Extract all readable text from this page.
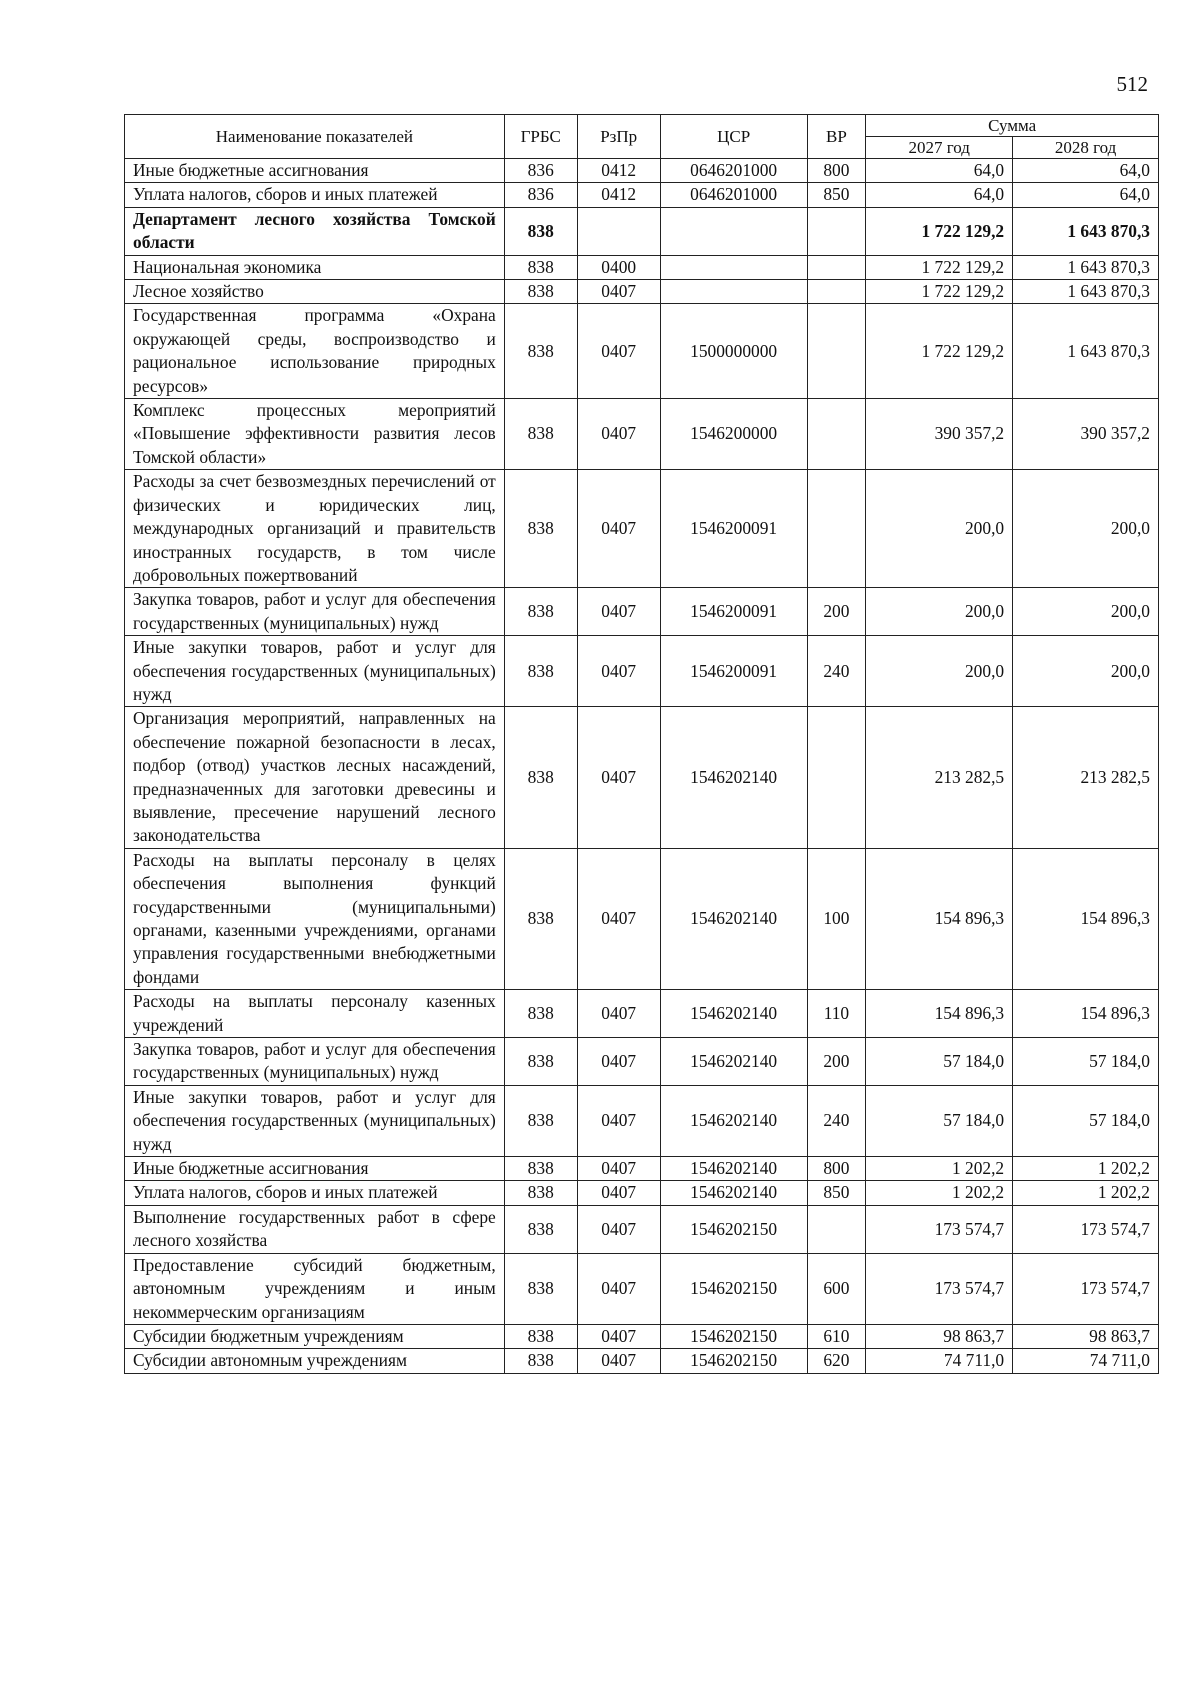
512
Наименование показателей	ГРБС	РзПр	ЦСР	ВР	Сумма	
					2027 год	2028 год
Иные бюджетные ассигнования	836	0412	0646201000	800	64,0	64,0
Уплата налогов, сборов и иных платежей	836	0412	0646201000	850	64,0	64,0
Департамент лесного хозяйства Томской области	838				1 722 129,2	1 643 870,3
Национальная экономика	838	0400			1 722 129,2	1 643 870,3
Лесное хозяйство	838	0407			1 722 129,2	1 643 870,3
Государственная программа «Охрана окружающей среды, воспроизводство и рациональное использование природных ресурсов»	838	0407	1500000000		1 722 129,2	1 643 870,3
Комплекс процессных мероприятий «Повышение эффективности развития лесов Томской области»	838	0407	1546200000		390 357,2	390 357,2
Расходы за счет безвозмездных перечислений от физических и юридических лиц, международных организаций и правительств иностранных государств, в том числе добровольных пожертвований	838	0407	1546200091		200,0	200,0
Закупка товаров, работ и услуг для обеспечения государственных (муниципальных) нужд	838	0407	1546200091	200	200,0	200,0
Иные закупки товаров, работ и услуг для обеспечения государственных (муниципальных) нужд	838	0407	1546200091	240	200,0	200,0
Организация мероприятий, направленных на обеспечение пожарной безопасности в лесах, подбор (отвод) участков лесных насаждений, предназначенных для заготовки древесины и выявление, пресечение нарушений лесного законодательства	838	0407	1546202140		213 282,5	213 282,5
Расходы на выплаты персоналу в целях обеспечения выполнения функций государственными (муниципальными) органами, казенными учреждениями, органами управления государственными внебюджетными фондами	838	0407	1546202140	100	154 896,3	154 896,3
Расходы на выплаты персоналу казенных учреждений	838	0407	1546202140	110	154 896,3	154 896,3
Закупка товаров, работ и услуг для обеспечения государственных (муниципальных) нужд	838	0407	1546202140	200	57 184,0	57 184,0
Иные закупки товаров, работ и услуг для обеспечения государственных (муниципальных) нужд	838	0407	1546202140	240	57 184,0	57 184,0
Иные бюджетные ассигнования	838	0407	1546202140	800	1 202,2	1 202,2
Уплата налогов, сборов и иных платежей	838	0407	1546202140	850	1 202,2	1 202,2
Выполнение государственных работ в сфере лесного хозяйства	838	0407	1546202150		173 574,7	173 574,7
Предоставление субсидий бюджетным, автономным учреждениям и иным некоммерческим организациям	838	0407	1546202150	600	173 574,7	173 574,7
Субсидии бюджетным учреждениям	838	0407	1546202150	610	98 863,7	98 863,7
Субсидии автономным учреждениям	838	0407	1546202150	620	74 711,0	74 711,0
